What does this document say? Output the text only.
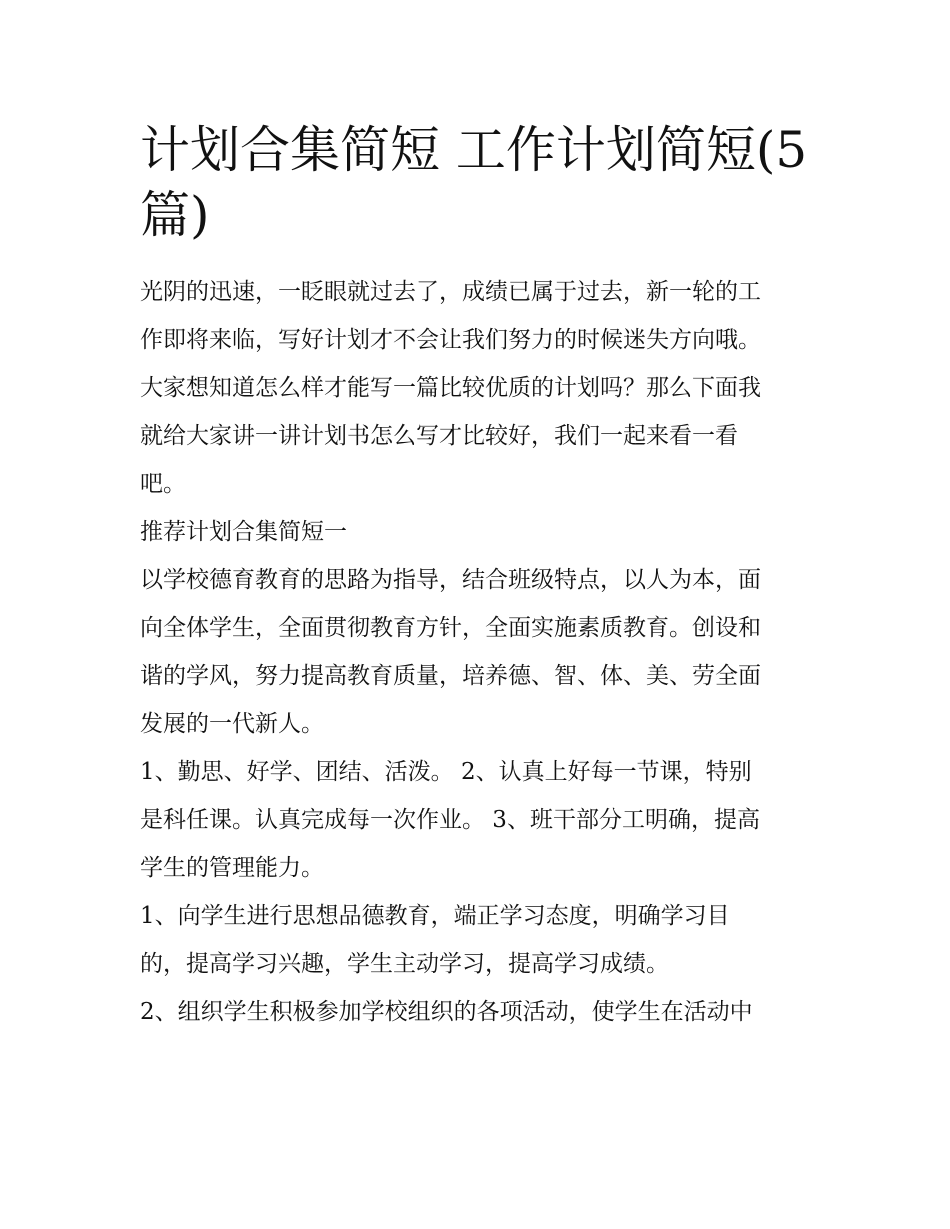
计划合集简短 工作计划简短(5
篇)

光阴的迅速，一眨眼就过去了，成绩已属于过去，新一轮的工
作即将来临，写好计划才不会让我们努力的时候迷失方向哦。
大家想知道怎么样才能写一篇比较优质的计划吗？那么下面我
就给大家讲一讲计划书怎么写才比较好，我们一起来看一看
吧。

推荐计划合集简短一

以学校德育教育的思路为指导，结合班级特点，以人为本，面
向全体学生，全面贯彻教育方针，全面实施素质教育。创设和
谐的学风，努力提高教育质量，培养德、智、体、美、劳全面
发展的一代新人。

1、勤思、好学、团结、活泼。 2、认真上好每一节课，特别
是科任课。认真完成每一次作业。 3、班干部分工明确，提高
学生的管理能力。

1、向学生进行思想品德教育，端正学习态度，明确学习目
的，提高学习兴趣，学生主动学习，提高学习成绩。

2、组织学生积极参加学校组织的各项活动，使学生在活动中
